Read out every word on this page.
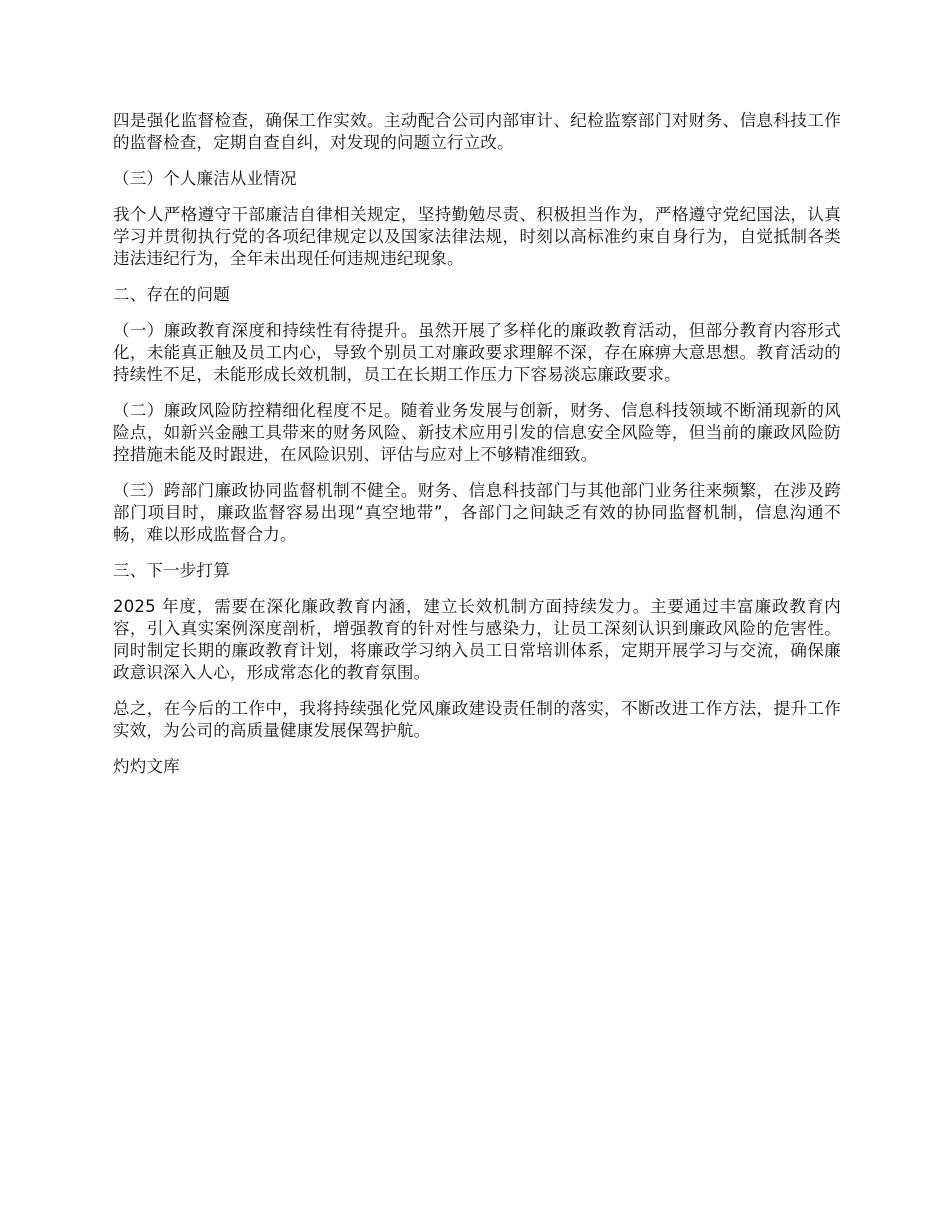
四是强化监督检查，确保工作实效。主动配合公司内部审计、纪检监察部门对财务、信息科技工作的监督检查，定期自查自纠，对发现的问题立行立改。

（三）个人廉洁从业情况

我个人严格遵守干部廉洁自律相关规定，坚持勤勉尽责、积极担当作为，严格遵守党纪国法，认真学习并贯彻执行党的各项纪律规定以及国家法律法规，时刻以高标准约束自身行为，自觉抵制各类违法违纪行为，全年未出现任何违规违纪现象。

二、存在的问题

（一）廉政教育深度和持续性有待提升。虽然开展了多样化的廉政教育活动，但部分教育内容形式化，未能真正触及员工内心，导致个别员工对廉政要求理解不深，存在麻痹大意思想。教育活动的持续性不足，未能形成长效机制，员工在长期工作压力下容易淡忘廉政要求。

（二）廉政风险防控精细化程度不足。随着业务发展与创新，财务、信息科技领域不断涌现新的风险点，如新兴金融工具带来的财务风险、新技术应用引发的信息安全风险等，但当前的廉政风险防控措施未能及时跟进，在风险识别、评估与应对上不够精准细致。

（三）跨部门廉政协同监督机制不健全。财务、信息科技部门与其他部门业务往来频繁，在涉及跨部门项目时，廉政监督容易出现“真空地带”，各部门之间缺乏有效的协同监督机制，信息沟通不畅，难以形成监督合力。

三、下一步打算

2025 年度，需要在深化廉政教育内涵，建立长效机制方面持续发力。主要通过丰富廉政教育内容，引入真实案例深度剖析，增强教育的针对性与感染力，让员工深刻认识到廉政风险的危害性。同时制定长期的廉政教育计划，将廉政学习纳入员工日常培训体系，定期开展学习与交流，确保廉政意识深入人心，形成常态化的教育氛围。

总之，在今后的工作中，我将持续强化党风廉政建设责任制的落实，不断改进工作方法，提升工作实效，为公司的高质量健康发展保驾护航。

灼灼文库
